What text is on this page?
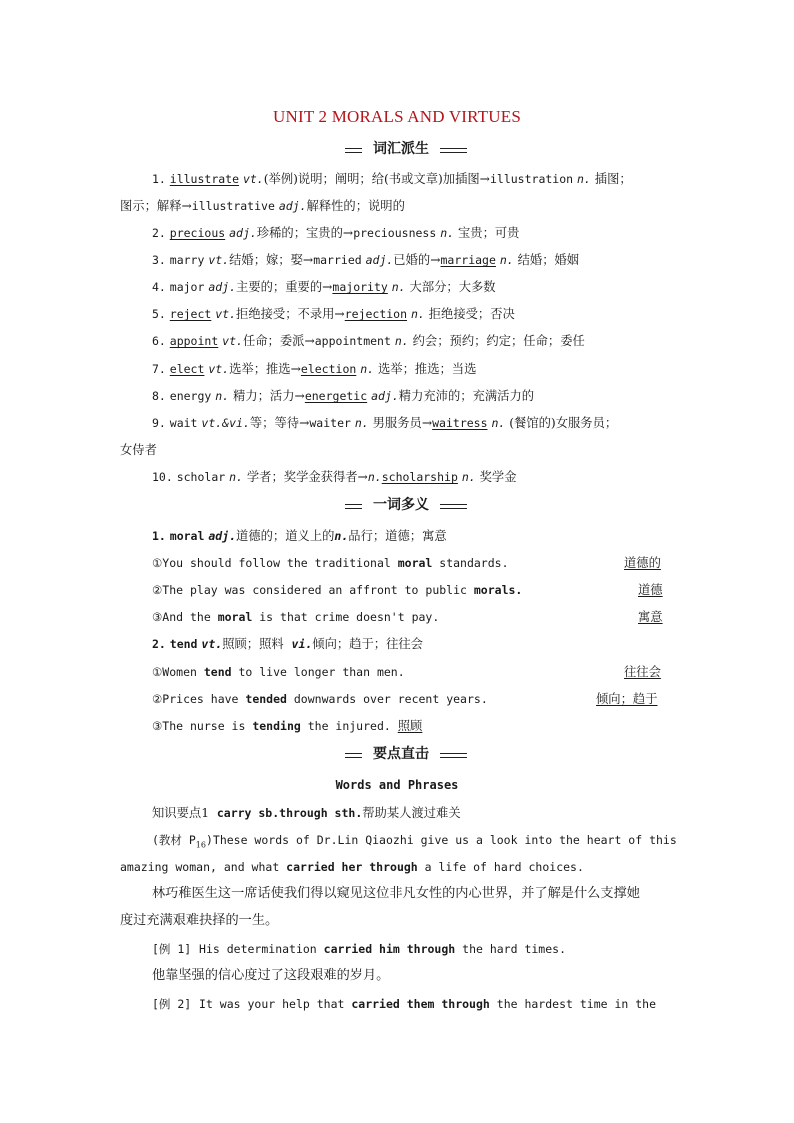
UNIT 2 MORALS AND VIRTUES
词汇派生
1. illustrate vt.(举例)说明；阐明；给(书或文章)加插图→illustration n. 插图；
图示；解释→illustrative adj.解释性的；说明的
2. precious adj.珍稀的；宝贵的→preciousness n. 宝贵；可贵
3. marry vt.结婚；嫁；娶→married adj.已婚的→marriage n. 结婚；婚姻
4. major adj.主要的；重要的→majority n. 大部分；大多数
5. reject vt.拒绝接受；不录用→rejection n. 拒绝接受；否决
6. appoint vt.任命；委派→appointment n. 约会；预约；约定；任命；委任
7. elect vt.选举；推选→election n. 选举；推选；当选
8. energy n. 精力；活力→energetic adj.精力充沛的；充满活力的
9. wait vt.&vi.等；等待→waiter n. 男服务员→waitress n. (餐馆的)女服务员；
女侍者
10. scholar n. 学者；奖学金获得者→n.scholarship n. 奖学金
一词多义
1. moral adj.道德的；道义上的n.品行；道德；寓意
①You should follow the traditional moral standards.	道德的
②The play was considered an affront to public morals.	道德
③And the moral is that crime doesn't pay.	寓意
2. tend vt.照顾；照料 vi.倾向；趋于；往往会
①Women tend to live longer than men.	往往会
②Prices have tended downwards over recent years.	倾向；趋于
③The nurse is tending the injured. 照顾
要点直击
Words and Phrases
知识要点1 carry sb.through sth.帮助某人渡过难关
(教材 $P_{16})These$ words of Dr.Lin Qiaozhi give us a look into the heart of this
amazing woman, and what carried her through a life of hard choices.
林巧稚医生这一席话使我们得以窥见这位非凡女性的内心世界，并了解是什么支撑她
度过充满艰难抉择的一生。
[例 1] His determination carried him through the hard times.
他靠坚强的信心度过了这段艰难的岁月。
[例 2] It was your help that carried them through the hardest time in the
